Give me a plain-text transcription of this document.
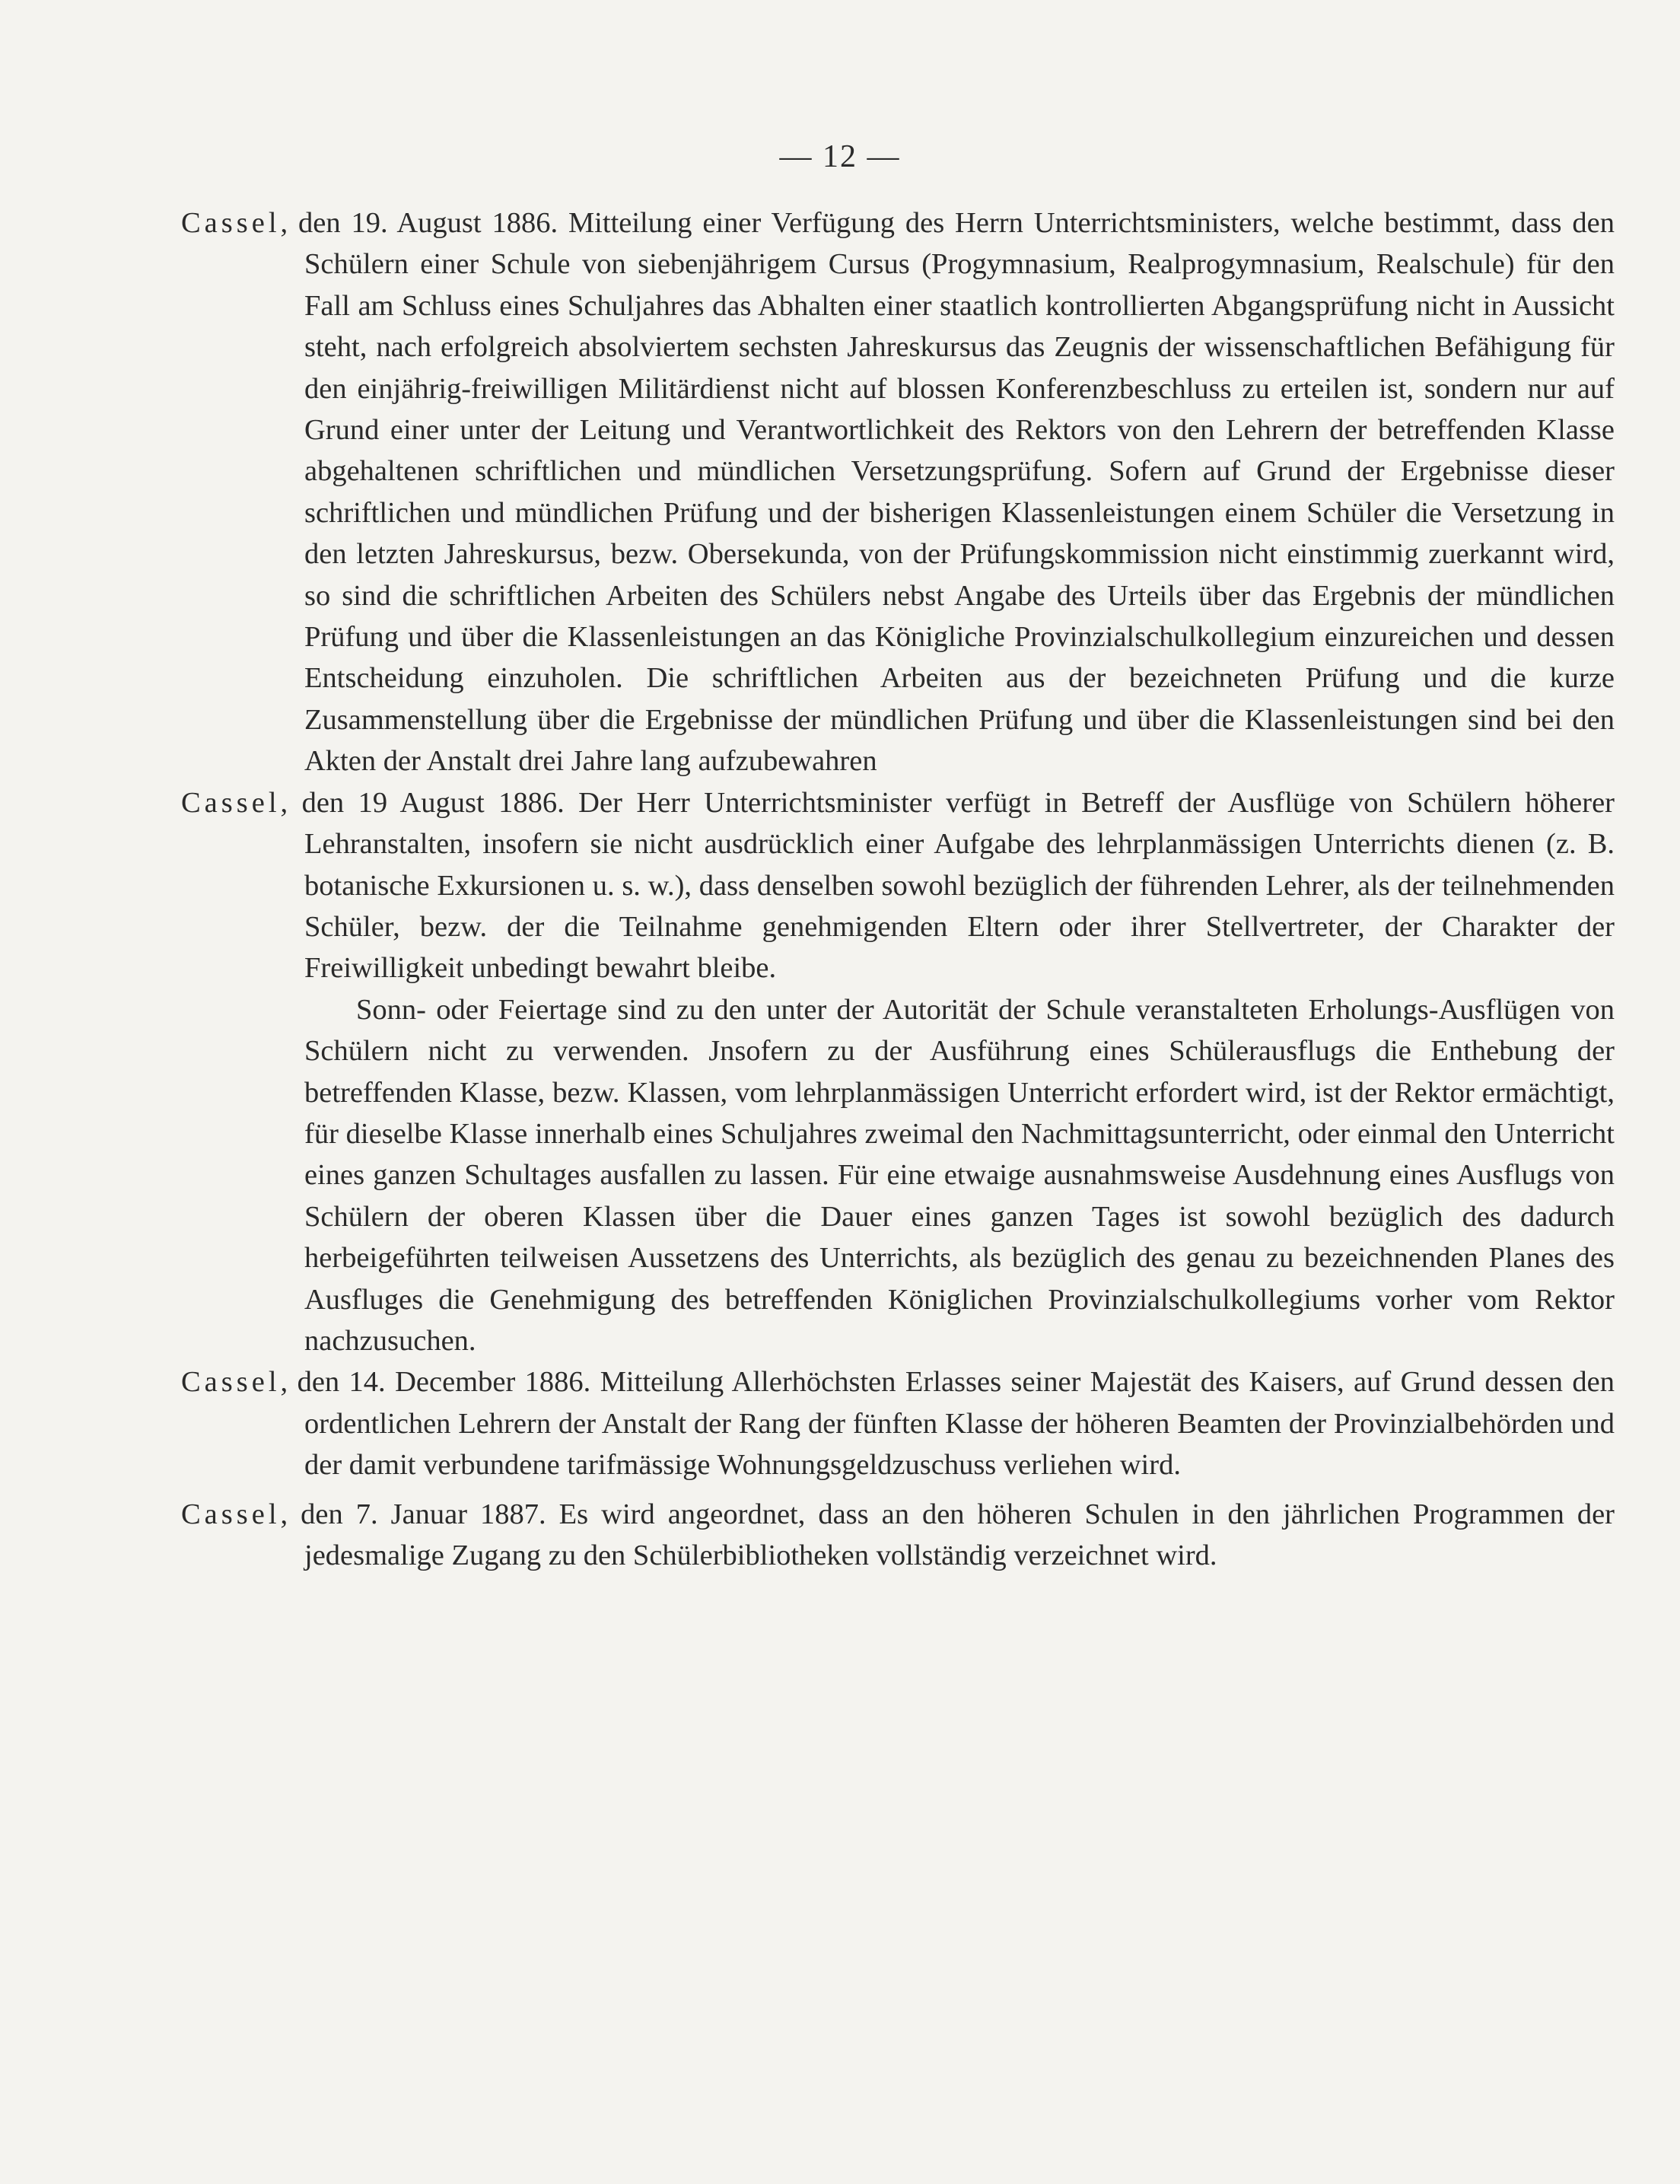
— 12 —

Cassel, den 19. August 1886. Mitteilung einer Verfügung des Herrn Unterrichtsministers, welche bestimmt, dass den Schülern einer Schule von siebenjährigem Cursus (Progymnasium, Realprogymnasium, Realschule) für den Fall am Schluss eines Schuljahres das Abhalten einer staatlich kontrollierten Abgangsprüfung nicht in Aussicht steht, nach erfolgreich absolviertem sechsten Jahreskursus das Zeugnis der wissenschaftlichen Befähigung für den einjährig-freiwilligen Militärdienst nicht auf blossen Konferenzbeschluss zu erteilen ist, sondern nur auf Grund einer unter der Leitung und Verantwortlichkeit des Rektors von den Lehrern der betreffenden Klasse abgehaltenen schriftlichen und mündlichen Versetzungsprüfung. Sofern auf Grund der Ergebnisse dieser schriftlichen und mündlichen Prüfung und der bisherigen Klassenleistungen einem Schüler die Versetzung in den letzten Jahreskursus, bezw. Obersekunda, von der Prüfungskommission nicht einstimmig zuerkannt wird, so sind die schriftlichen Arbeiten des Schülers nebst Angabe des Urteils über das Ergebnis der mündlichen Prüfung und über die Klassenleistungen an das Königliche Provinzialschulkollegium einzureichen und dessen Entscheidung einzuholen. Die schriftlichen Arbeiten aus der bezeichneten Prüfung und die kurze Zusammenstellung über die Ergebnisse der mündlichen Prüfung und über die Klassenleistungen sind bei den Akten der Anstalt drei Jahre lang aufzubewahren

Cassel, den 19 August 1886. Der Herr Unterrichtsminister verfügt in Betreff der Ausflüge von Schülern höherer Lehranstalten, insofern sie nicht ausdrücklich einer Aufgabe des lehrplanmässigen Unterrichts dienen (z. B. botanische Exkursionen u. s. w.), dass denselben sowohl bezüglich der führenden Lehrer, als der teilnehmenden Schüler, bezw. der die Teilnahme genehmigenden Eltern oder ihrer Stellvertreter, der Charakter der Freiwilligkeit unbedingt bewahrt bleibe.

Sonn- oder Feiertage sind zu den unter der Autorität der Schule veranstalteten Erholungs-Ausflügen von Schülern nicht zu verwenden. Jnsofern zu der Ausführung eines Schülerausflugs die Enthebung der betreffenden Klasse, bezw. Klassen, vom lehrplanmässigen Unterricht erfordert wird, ist der Rektor ermächtigt, für dieselbe Klasse innerhalb eines Schuljahres zweimal den Nachmittagsunterricht, oder einmal den Unterricht eines ganzen Schultages ausfallen zu lassen. Für eine etwaige ausnahmsweise Ausdehnung eines Ausflugs von Schülern der oberen Klassen über die Dauer eines ganzen Tages ist sowohl bezüglich des dadurch herbeigeführten teilweisen Aussetzens des Unterrichts, als bezüglich des genau zu bezeichnenden Planes des Ausfluges die Genehmigung des betreffenden Königlichen Provinzialschulkollegiums vorher vom Rektor nachzusuchen.

Cassel, den 14. December 1886. Mitteilung Allerhöchsten Erlasses seiner Majestät des Kaisers, auf Grund dessen den ordentlichen Lehrern der Anstalt der Rang der fünften Klasse der höheren Beamten der Provinzialbehörden und der damit verbundene tarifmässige Wohnungsgeldzuschuss verliehen wird.

Cassel, den 7. Januar 1887. Es wird angeordnet, dass an den höheren Schulen in den jährlichen Programmen der jedesmalige Zugang zu den Schülerbibliotheken vollständig verzeichnet wird.
